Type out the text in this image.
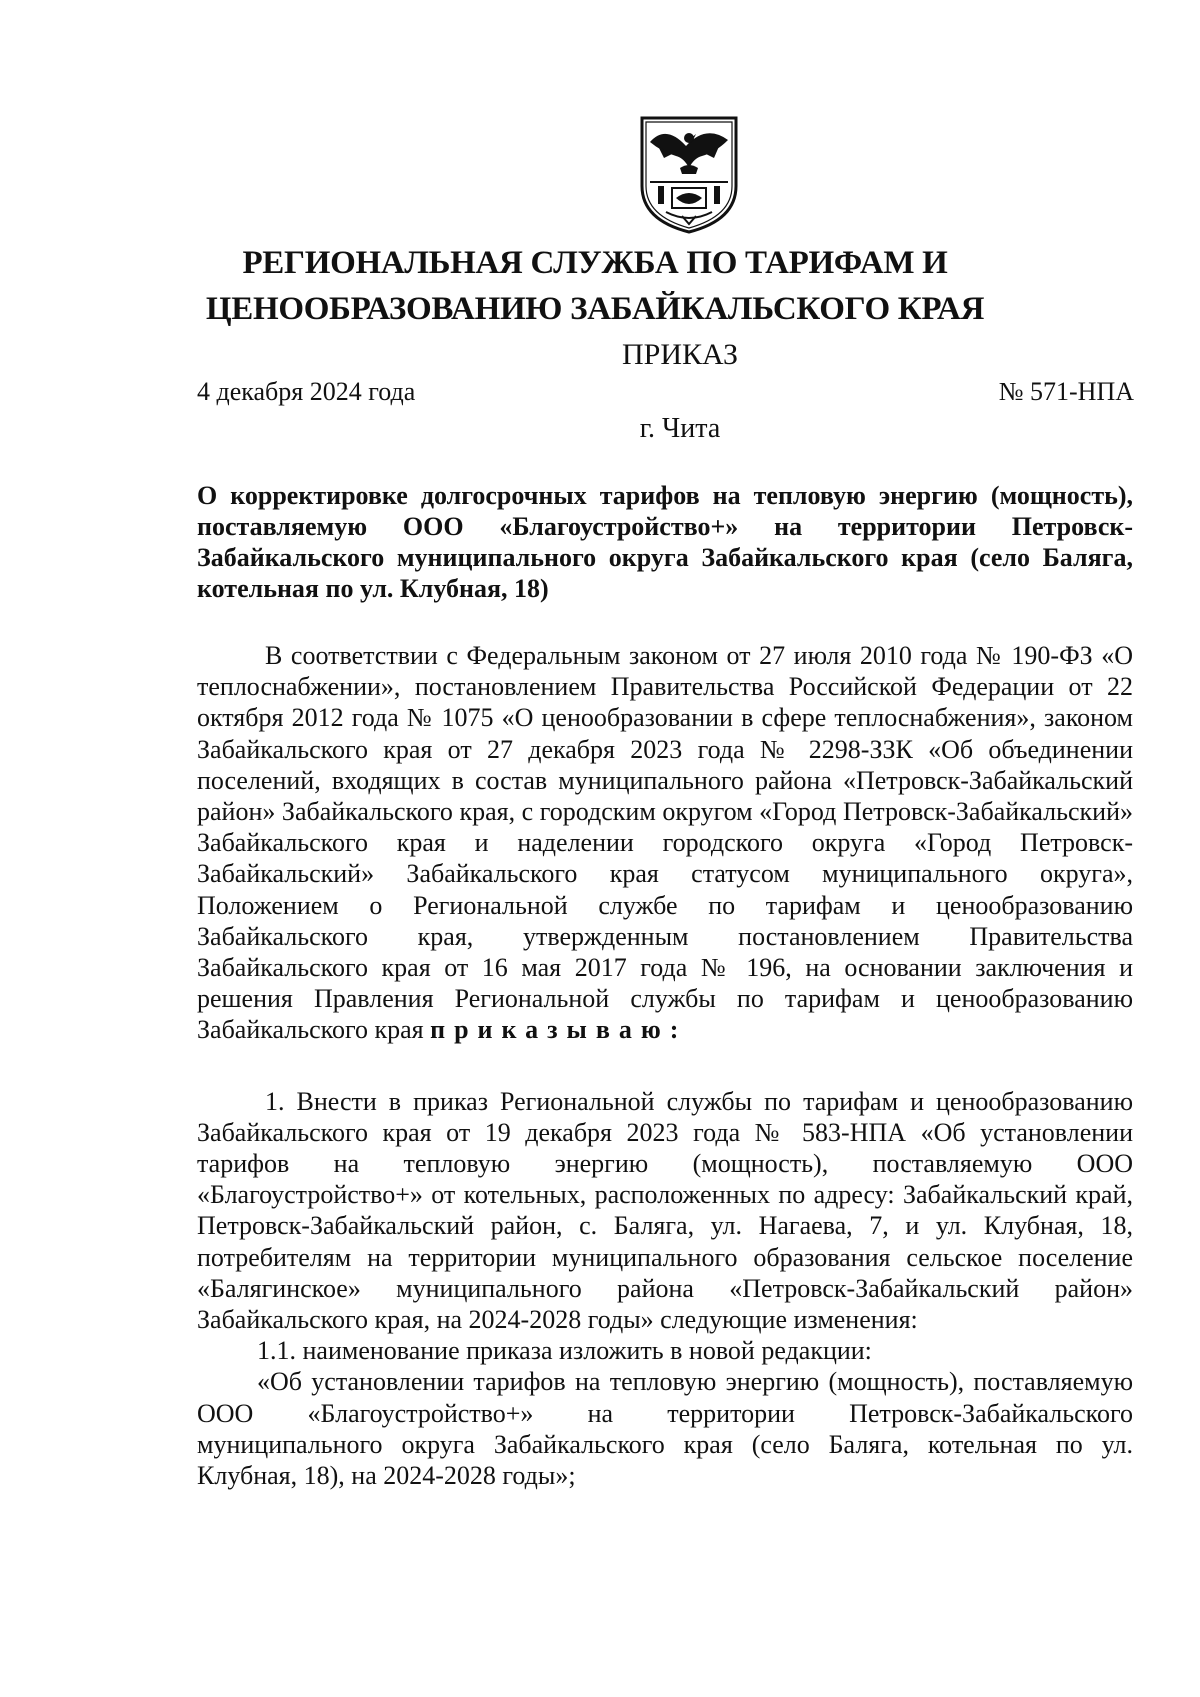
РЕГИОНАЛЬНАЯ СЛУЖБА ПО ТАРИФАМ И
ЦЕНООБРАЗОВАНИЮ ЗАБАЙКАЛЬСКОГО КРАЯ
ПРИКАЗ
4 декабря 2024 года	№ 571-НПА
г. Чита

О корректировке долгосрочных тарифов на тепловую энергию (мощность), поставляемую ООО «Благоустройство+» на территории Петровск-Забайкальского муниципального округа Забайкальского края (село Баляга, котельная по ул. Клубная, 18)

В соответствии с Федеральным законом от 27 июля 2010 года № 190-ФЗ «О теплоснабжении», постановлением Правительства Российской Федерации от 22 октября 2012 года № 1075 «О ценообразовании в сфере теплоснабжения», законом Забайкальского края от 27 декабря 2023 года № 2298-ЗЗК «Об объединении поселений, входящих в состав муниципального района «Петровск-Забайкальский район» Забайкальского края, с городским округом «Город Петровск-Забайкальский» Забайкальского края и наделении городского округа «Город Петровск-Забайкальский» Забайкальского края статусом муниципального округа», Положением о Региональной службе по тарифам и ценообразованию Забайкальского края, утвержденным постановлением Правительства Забайкальского края от 16 мая 2017 года № 196, на основании заключения и решения Правления Региональной службы по тарифам и ценообразованию Забайкальского края приказываю:

1. Внести в приказ Региональной службы по тарифам и ценообразованию Забайкальского края от 19 декабря 2023 года № 583-НПА «Об установлении тарифов на тепловую энергию (мощность), поставляемую ООО «Благоустройство+» от котельных, расположенных по адресу: Забайкальский край, Петровск-Забайкальский район, с. Баляга, ул. Нагаева, 7, и ул. Клубная, 18, потребителям на территории муниципального образования сельское поселение «Балягинское» муниципального района «Петровск-Забайкальский район» Забайкальского края, на 2024-2028 годы» следующие изменения:

1.1. наименование приказа изложить в новой редакции:

«Об установлении тарифов на тепловую энергию (мощность), поставляемую ООО «Благоустройство+» на территории Петровск-Забайкальского муниципального округа Забайкальского края (село Баляга, котельная по ул. Клубная, 18), на 2024-2028 годы»;
